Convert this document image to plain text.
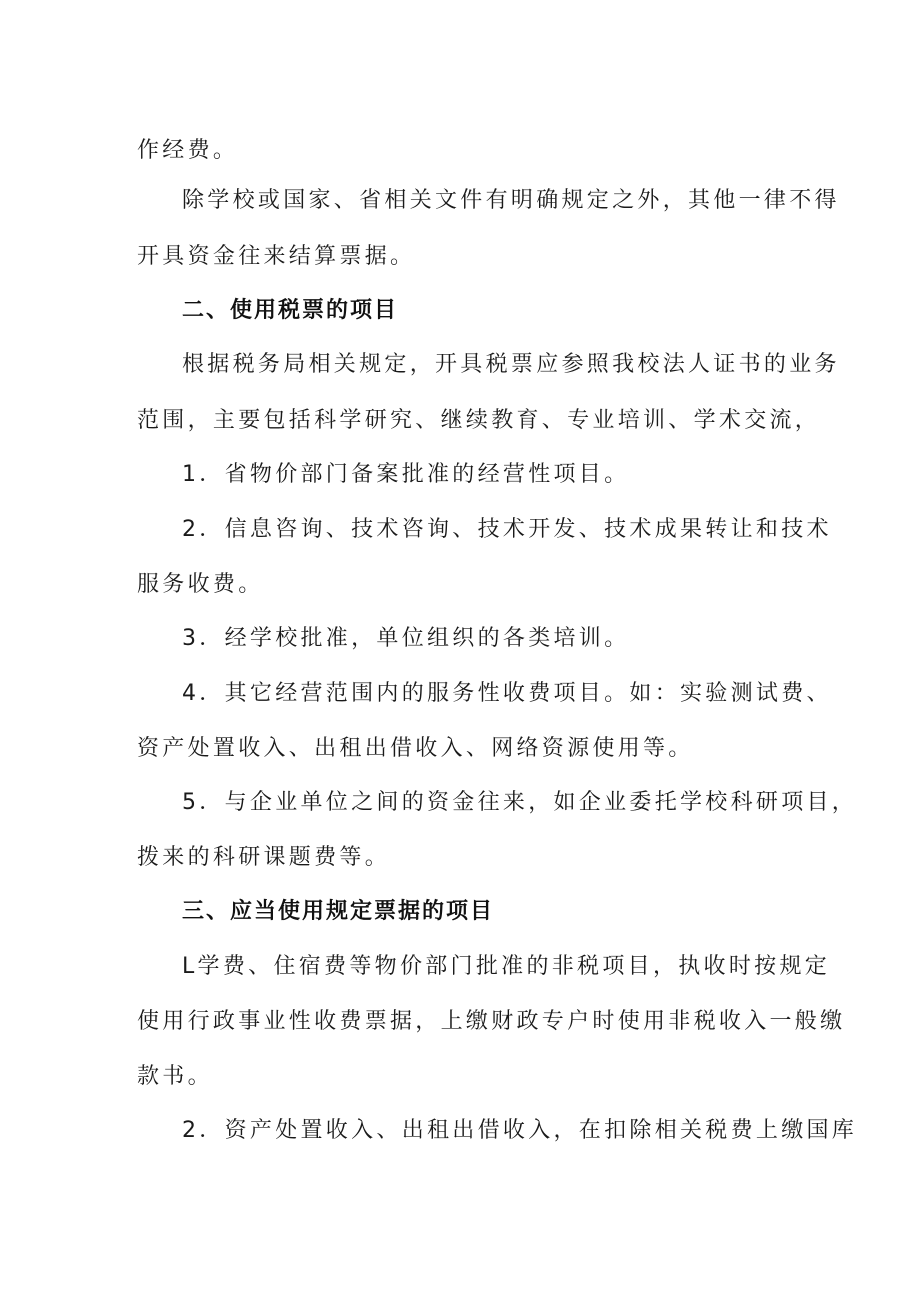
作经费。
除学校或国家、省相关文件有明确规定之外，其他一律不得
开具资金往来结算票据。
二、使用税票的项目
根据税务局相关规定，开具税票应参照我校法人证书的业务
范围，主要包括科学研究、继续教育、专业培训、学术交流，
1．省物价部门备案批准的经营性项目。
2．信息咨询、技术咨询、技术开发、技术成果转让和技术
服务收费。
3．经学校批准，单位组织的各类培训。
4．其它经营范围内的服务性收费项目。如：实验测试费、
资产处置收入、出租出借收入、网络资源使用等。
5．与企业单位之间的资金往来，如企业委托学校科研项目，
拨来的科研课题费等。
三、应当使用规定票据的项目
L学费、住宿费等物价部门批准的非税项目，执收时按规定
使用行政事业性收费票据，上缴财政专户时使用非税收入一般缴
款书。
2．资产处置收入、出租出借收入，在扣除相关税费上缴国库
